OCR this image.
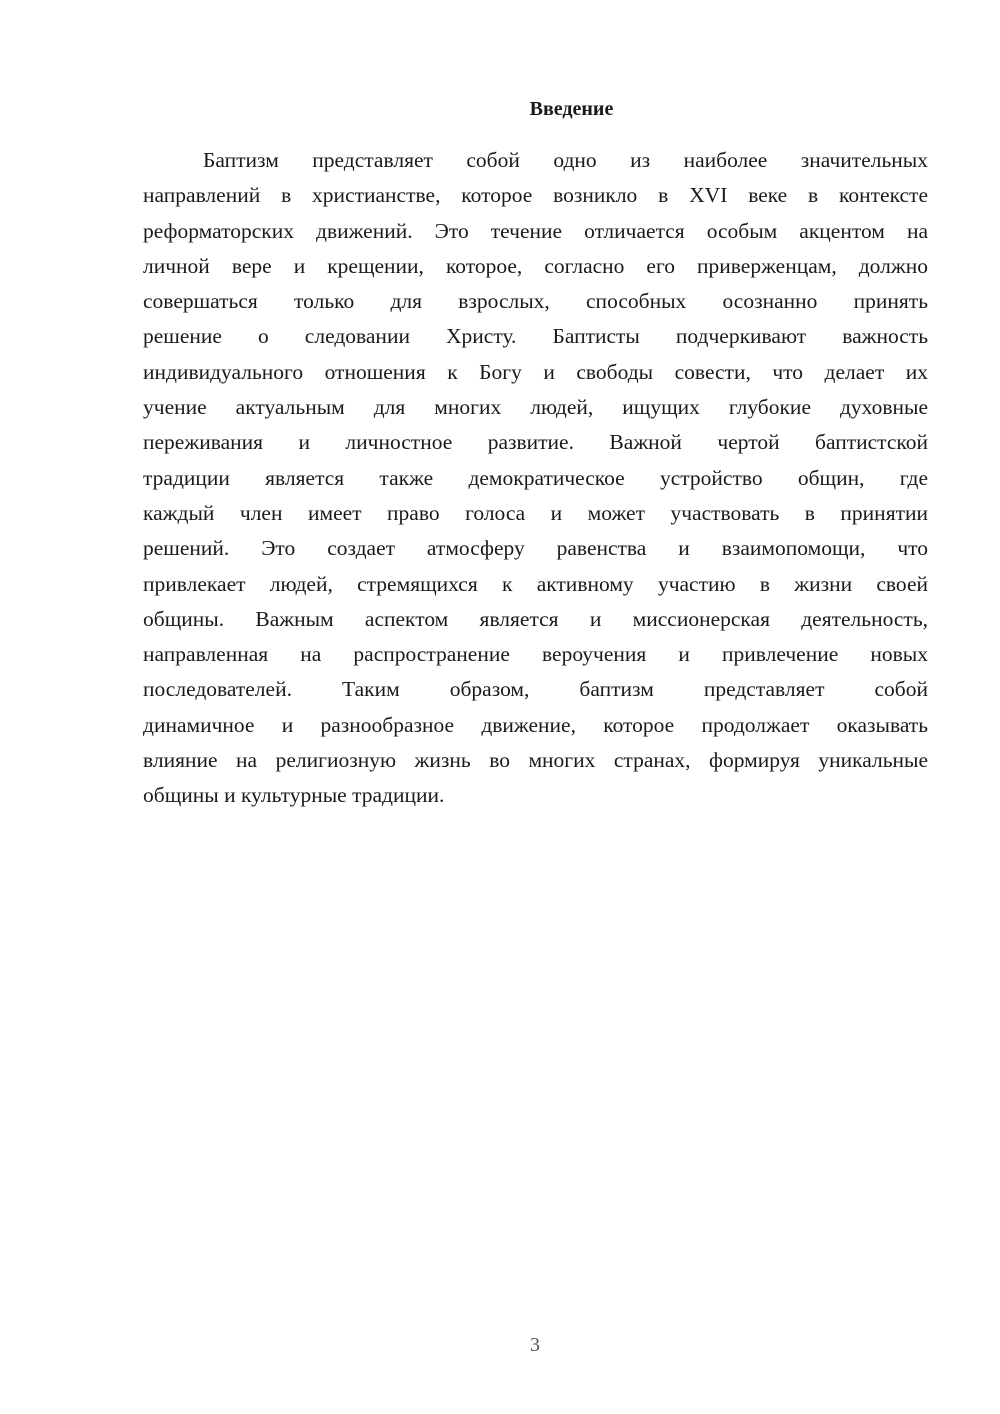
Введение
Баптизм представляет собой одно из наиболее значительных
направлений в христианстве, которое возникло в XVI веке в контексте
реформаторских движений. Это течение отличается особым акцентом на
личной вере и крещении, которое, согласно его приверженцам, должно
совершаться только для взрослых, способных осознанно принять
решение о следовании Христу. Баптисты подчеркивают важность
индивидуального отношения к Богу и свободы совести, что делает их
учение актуальным для многих людей, ищущих глубокие духовные
переживания и личностное развитие. Важной чертой баптистской
традиции является также демократическое устройство общин, где
каждый член имеет право голоса и может участвовать в принятии
решений. Это создает атмосферу равенства и взаимопомощи, что
привлекает людей, стремящихся к активному участию в жизни своей
общины. Важным аспектом является и миссионерская деятельность,
направленная на распространение вероучения и привлечение новых
последователей. Таким образом, баптизм представляет собой
динамичное и разнообразное движение, которое продолжает оказывать
влияние на религиозную жизнь во многих странах, формируя уникальные
общины и культурные традиции.
3
